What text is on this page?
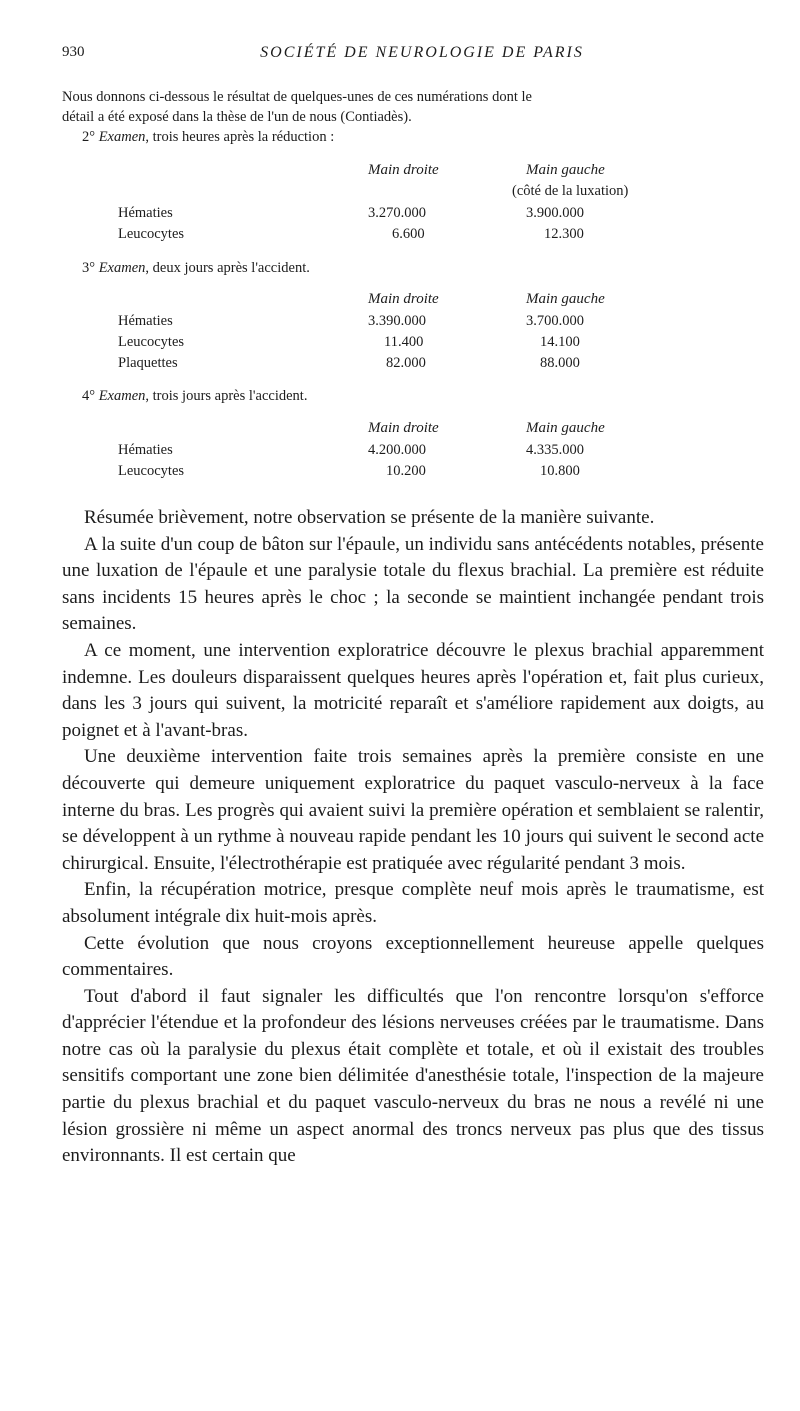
930	SOCIÉTÉ DE NEUROLOGIE DE PARIS
Nous donnons ci-dessous le résultat de quelques-unes de ces numérations dont le
détail a été exposé dans la thèse de l'un de nous (Contiadès).
2° Examen, trois heures après la réduction :
Main droite	Main gauche
(côté de la luxation)
Hématies	3.270.000	3.900.000
Leucocytes	6.600	12.300
3° Examen, deux jours après l'accident.
Main droite	Main gauche
Hématies	3.390.000	3.700.000
Leucocytes	11.400	14.100
Plaquettes	82.000	88.000
4° Examen, trois jours après l'accident.
Main droite	Main gauche
Hématies	4.200.000	4.335.000
Leucocytes	10.200	10.800

Résumée brièvement, notre observation se présente de la manière suivante.

A la suite d'un coup de bâton sur l'épaule, un individu sans antécédents notables, présente une luxation de l'épaule et une paralysie totale du flexus brachial. La première est réduite sans incidents 15 heures après le choc ; la seconde se maintient inchangée pendant trois semaines.

A ce moment, une intervention exploratrice découvre le plexus brachial apparemment indemne. Les douleurs disparaissent quelques heures après l'opération et, fait plus curieux, dans les 3 jours qui suivent, la motricité reparaît et s'améliore rapidement aux doigts, au poignet et à l'avant-bras.

Une deuxième intervention faite trois semaines après la première consiste en une découverte qui demeure uniquement exploratrice du paquet vasculo-nerveux à la face interne du bras. Les progrès qui avaient suivi la première opération et semblaient se ralentir, se développent à un rythme à nouveau rapide pendant les 10 jours qui suivent le second acte chirurgical. Ensuite, l'électrothérapie est pratiquée avec régularité pendant 3 mois.

Enfin, la récupération motrice, presque complète neuf mois après le traumatisme, est absolument intégrale dix huit-mois après.

Cette évolution que nous croyons exceptionnellement heureuse appelle quelques commentaires.

Tout d'abord il faut signaler les difficultés que l'on rencontre lorsqu'on s'efforce d'apprécier l'étendue et la profondeur des lésions nerveuses créées par le traumatisme. Dans notre cas où la paralysie du plexus était complète et totale, et où il existait des troubles sensitifs comportant une zone bien délimitée d'anesthésie totale, l'inspection de la majeure partie du plexus brachial et du paquet vasculo-nerveux du bras ne nous a revélé ni une lésion grossière ni même un aspect anormal des troncs nerveux pas plus que des tissus environnants. Il est certain que
